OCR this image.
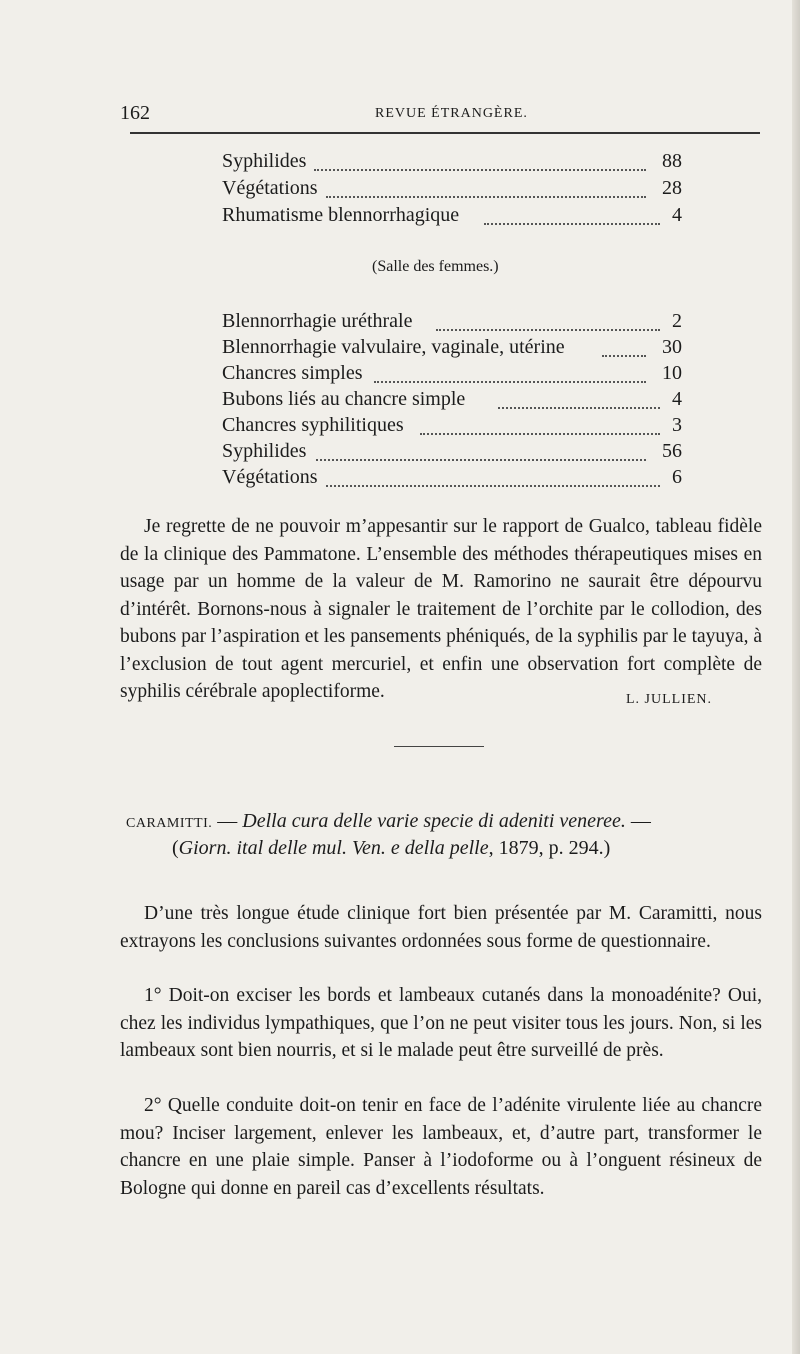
162	REVUE ÉTRANGÈRE.
Syphilides	88
Végétations	28
Rhumatisme blennorrhagique	4
(Salle des femmes.)
Blennorrhagie uréthrale	2
Blennorrhagie valvulaire, vaginale, utérine	30
Chancres simples	10
Bubons liés au chancre simple	4
Chancres syphilitiques	3
Syphilides	56
Végétations	6

Je regrette de ne pouvoir m’appesantir sur le rapport de Gualco, tableau fidèle de la clinique des Pammatone. L’ensemble des méthodes thérapeutiques mises en usage par un homme de la valeur de M. Ramorino ne saurait être dépourvu d’intérêt. Bornons-nous à signaler le traitement de l’orchite par le collodion, des bubons par l’aspiration et les pansements phéniqués, de la syphilis par le tayuya, à l’exclusion de tout agent mercuriel, et enfin une observation fort complète de syphilis cérébrale apoplectiforme.	L. JULLIEN.
CARAMITTI. — Della cura delle varie specie di adeniti veneree. —
(Giorn. ital delle mul. Ven. e della pelle, 1879, p. 294.)

D’une très longue étude clinique fort bien présentée par M. Caramitti, nous extrayons les conclusions suivantes ordonnées sous forme de questionnaire.

1° Doit-on exciser les bords et lambeaux cutanés dans la monoadénite? Oui, chez les individus lympathiques, que l’on ne peut visiter tous les jours. Non, si les lambeaux sont bien nourris, et si le malade peut être surveillé de près.

2° Quelle conduite doit-on tenir en face de l’adénite virulente liée au chancre mou? Inciser largement, enlever les lambeaux, et, d’autre part, transformer le chancre en une plaie simple. Panser à l’iodoforme ou à l’onguent résineux de Bologne qui donne en pareil cas d’excellents résultats.
